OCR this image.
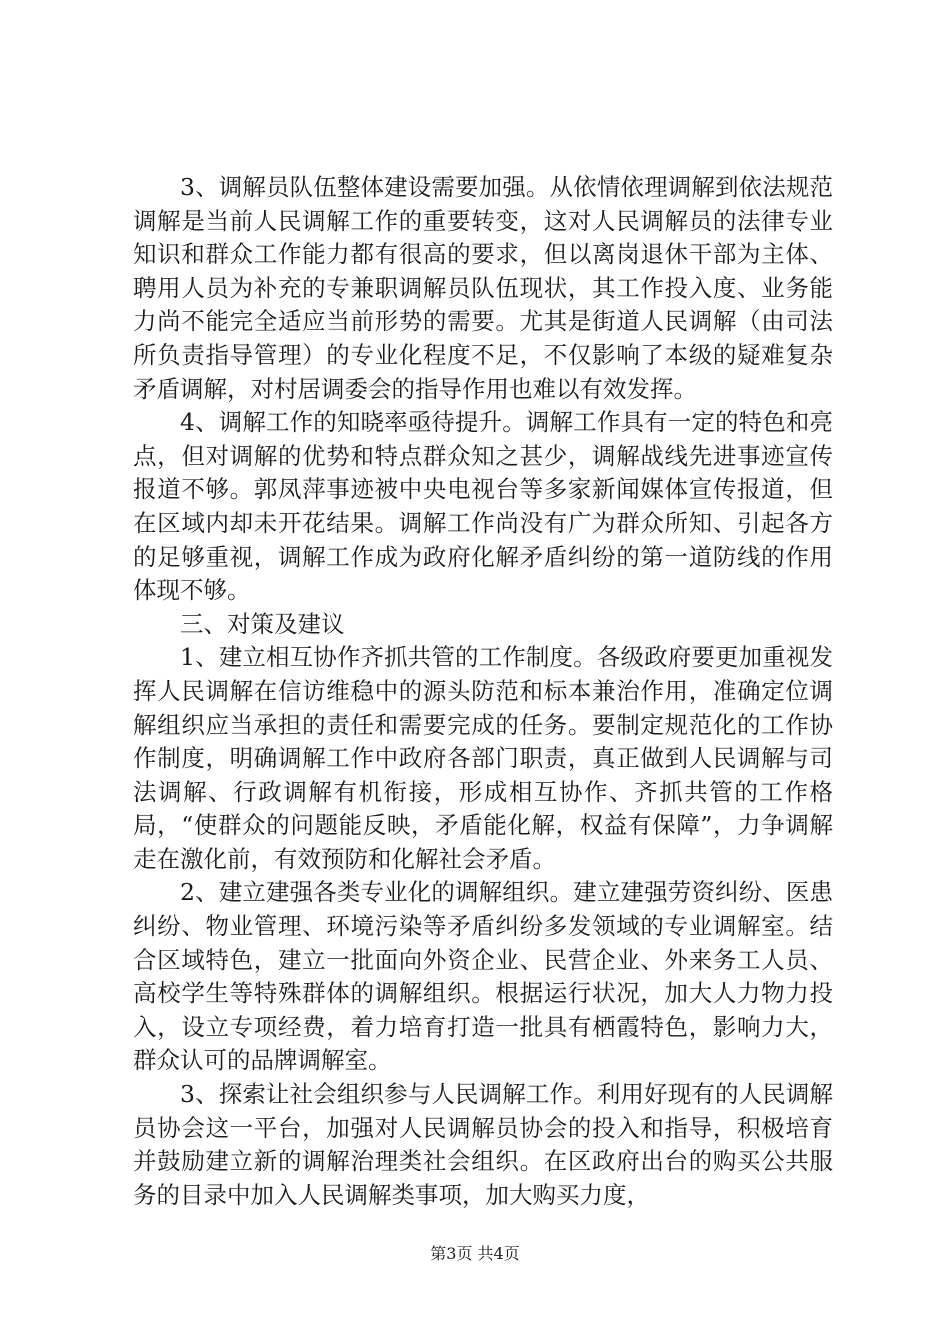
3、调解员队伍整体建设需要加强。从依情依理调解到依法规范调解是当前人民调解工作的重要转变，这对人民调解员的法律专业知识和群众工作能力都有很高的要求，但以离岗退休干部为主体、聘用人员为补充的专兼职调解员队伍现状，其工作投入度、业务能力尚不能完全适应当前形势的需要。尤其是街道人民调解（由司法所负责指导管理）的专业化程度不足，不仅影响了本级的疑难复杂矛盾调解，对村居调委会的指导作用也难以有效发挥。

4、调解工作的知晓率亟待提升。调解工作具有一定的特色和亮点，但对调解的优势和特点群众知之甚少，调解战线先进事迹宣传报道不够。郭凤萍事迹被中央电视台等多家新闻媒体宣传报道，但在区域内却未开花结果。调解工作尚没有广为群众所知、引起各方的足够重视，调解工作成为政府化解矛盾纠纷的第一道防线的作用体现不够。

三、对策及建议

1、建立相互协作齐抓共管的工作制度。各级政府要更加重视发挥人民调解在信访维稳中的源头防范和标本兼治作用，准确定位调解组织应当承担的责任和需要完成的任务。要制定规范化的工作协作制度，明确调解工作中政府各部门职责，真正做到人民调解与司法调解、行政调解有机衔接，形成相互协作、齐抓共管的工作格局，“使群众的问题能反映，矛盾能化解，权益有保障”，力争调解走在激化前，有效预防和化解社会矛盾。

2、建立建强各类专业化的调解组织。建立建强劳资纠纷、医患纠纷、物业管理、环境污染等矛盾纠纷多发领域的专业调解室。结合区域特色，建立一批面向外资企业、民营企业、外来务工人员、高校学生等特殊群体的调解组织。根据运行状况，加大人力物力投入，设立专项经费，着力培育打造一批具有栖霞特色，影响力大，群众认可的品牌调解室。

3、探索让社会组织参与人民调解工作。利用好现有的人民调解员协会这一平台，加强对人民调解员协会的投入和指导，积极培育并鼓励建立新的调解治理类社会组织。在区政府出台的购买公共服务的目录中加入人民调解类事项，加大购买力度，

第3页 共4页
